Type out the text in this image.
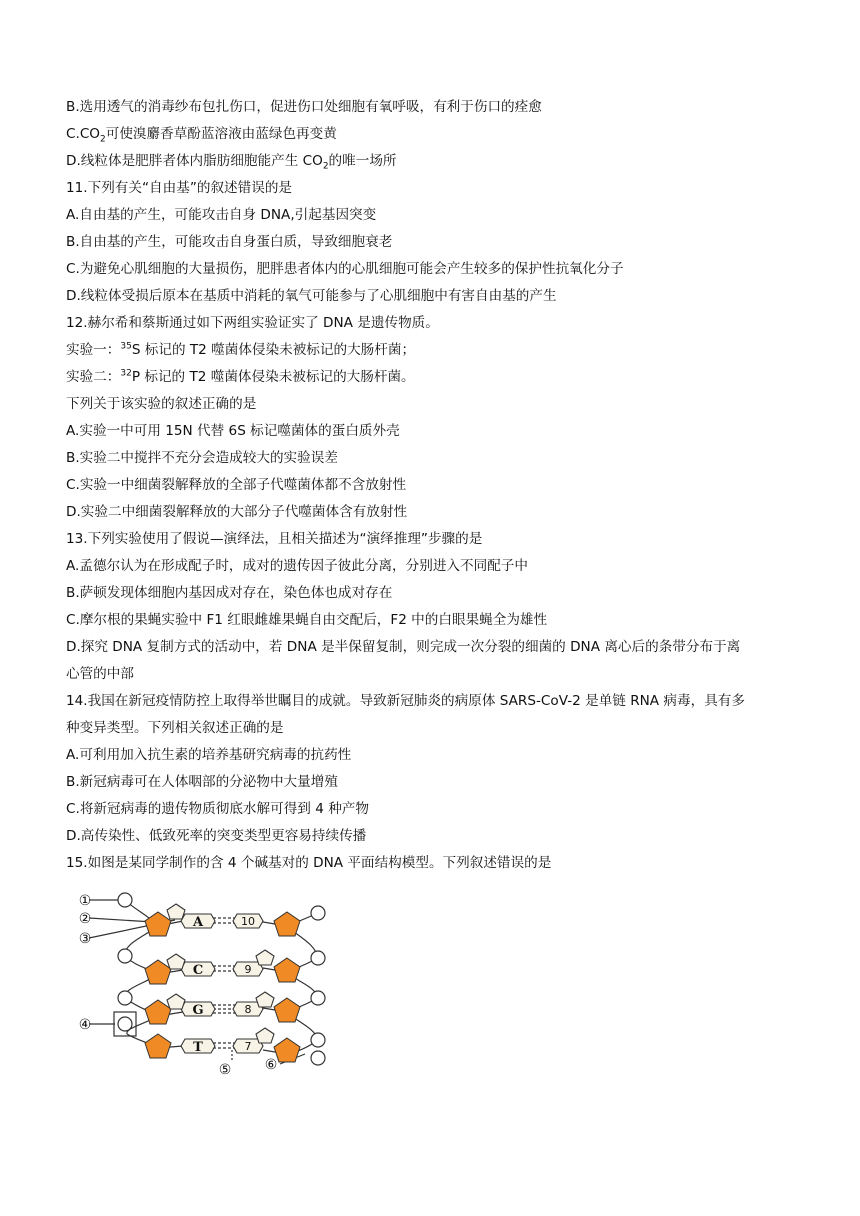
B.选用透气的消毒纱布包扎伤口，促进伤口处细胞有氧呼吸，有利于伤口的痊愈
$C.CO_2$可使溴麝香草酚蓝溶液由蓝绿色再变黄
D.线粒体是肥胖者体内脂肪细胞能产生 $CO_2$的唯一场所
11.下列有关“自由基”的叙述错误的是
A.自由基的产生，可能攻击自身 DNA,引起基因突变
B.自由基的产生，可能攻击自身蛋白质，导致细胞衰老
C.为避免心肌细胞的大量损伤，肥胖患者体内的心肌细胞可能会产生较多的保护性抗氧化分子
D.线粒体受损后原本在基质中消耗的氧气可能参与了心肌细胞中有害自由基的产生
12.赫尔希和蔡斯通过如下两组实验证实了 DNA 是遗传物质。
实验一：$^{35}$S 标记的 T2 噬菌体侵染未被标记的大肠杆菌；
实验二：$^{32}$P 标记的 T2 噬菌体侵染未被标记的大肠杆菌。
下列关于该实验的叙述正确的是
A.实验一中可用 15N 代替 6S 标记噬菌体的蛋白质外壳
B.实验二中搅拌不充分会造成较大的实验误差
C.实验一中细菌裂解释放的全部子代噬菌体都不含放射性
D.实验二中细菌裂解释放的大部分子代噬菌体含有放射性
13.下列实验使用了假说—演绎法，且相关描述为“演绎推理”步骤的是
A.孟德尔认为在形成配子时，成对的遗传因子彼此分离，分别进入不同配子中
B.萨顿发现体细胞内基因成对存在，染色体也成对存在
C.摩尔根的果蝇实验中 F1 红眼雌雄果蝇自由交配后，F2 中的白眼果蝇全为雄性
D.探究 DNA 复制方式的活动中，若 DNA 是半保留复制，则完成一次分裂的细菌的 DNA 离心后的条带分布于离
心管的中部
14.我国在新冠疫情防控上取得举世瞩目的成就。导致新冠肺炎的病原体 SARS-CoV-2 是单链 RNA 病毒，具有多
种变异类型。下列相关叙述正确的是
A.可利用加入抗生素的培养基研究病毒的抗药性
B.新冠病毒可在人体咽部的分泌物中大量增殖
C.将新冠病毒的遗传物质彻底水解可得到 4 种产物
D.高传染性、低致死率的突变类型更容易持续传播
15.如图是某同学制作的含 4 个碱基对的 DNA 平面结构模型。下列叙述错误的是
A
C
G
T
10
9
8
7
①
②
③
④
⑤ ⑥
